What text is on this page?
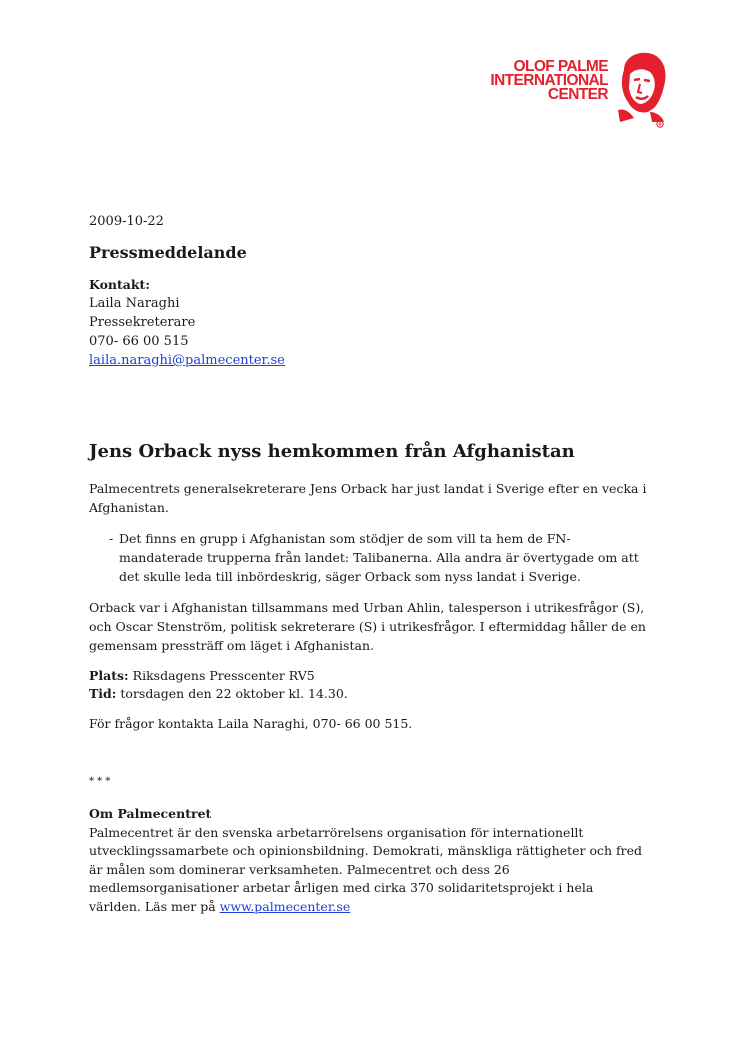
OLOF PALME
INTERNATIONAL
CENTER

2009-10-22

Pressmeddelande
Kontakt:
Laila Naraghi
Pressekreterare
070- 66 00 515
laila.naraghi@palmecenter.se
Jens Orback nyss hemkommen från Afghanistan

Palmecentrets generalsekreterare Jens Orback har just landat i Sverige efter en vecka i Afghanistan.

- Det finns en grupp i Afghanistan som stödjer de som vill ta hem de FN-mandaterade trupperna från landet: Talibanerna. Alla andra är övertygade om att det skulle leda till inbördeskrig, säger Orback som nyss landat i Sverige.

Orback var i Afghanistan tillsammans med Urban Ahlin, talesperson i utrikesfrågor (S), och Oscar Stenström, politisk sekreterare (S) i utrikesfrågor. I eftermiddag håller de en gemensam pressträff om läget i Afghanistan.

Plats: Riksdagens Presscenter RV5
Tid: torsdagen den 22 oktober kl. 14.30.

För frågor kontakta Laila Naraghi, 070- 66 00 515.

* * *
Om Palmecentret
Palmecentret är den svenska arbetarrörelsens organisation för internationellt utvecklingssamarbete och opinionsbildning. Demokrati, mänskliga rättigheter och fred är målen som dominerar verksamheten. Palmecentret och dess 26 medlemsorganisationer arbetar årligen med cirka 370 solidaritetsprojekt i hela världen. Läs mer på www.palmecenter.se
